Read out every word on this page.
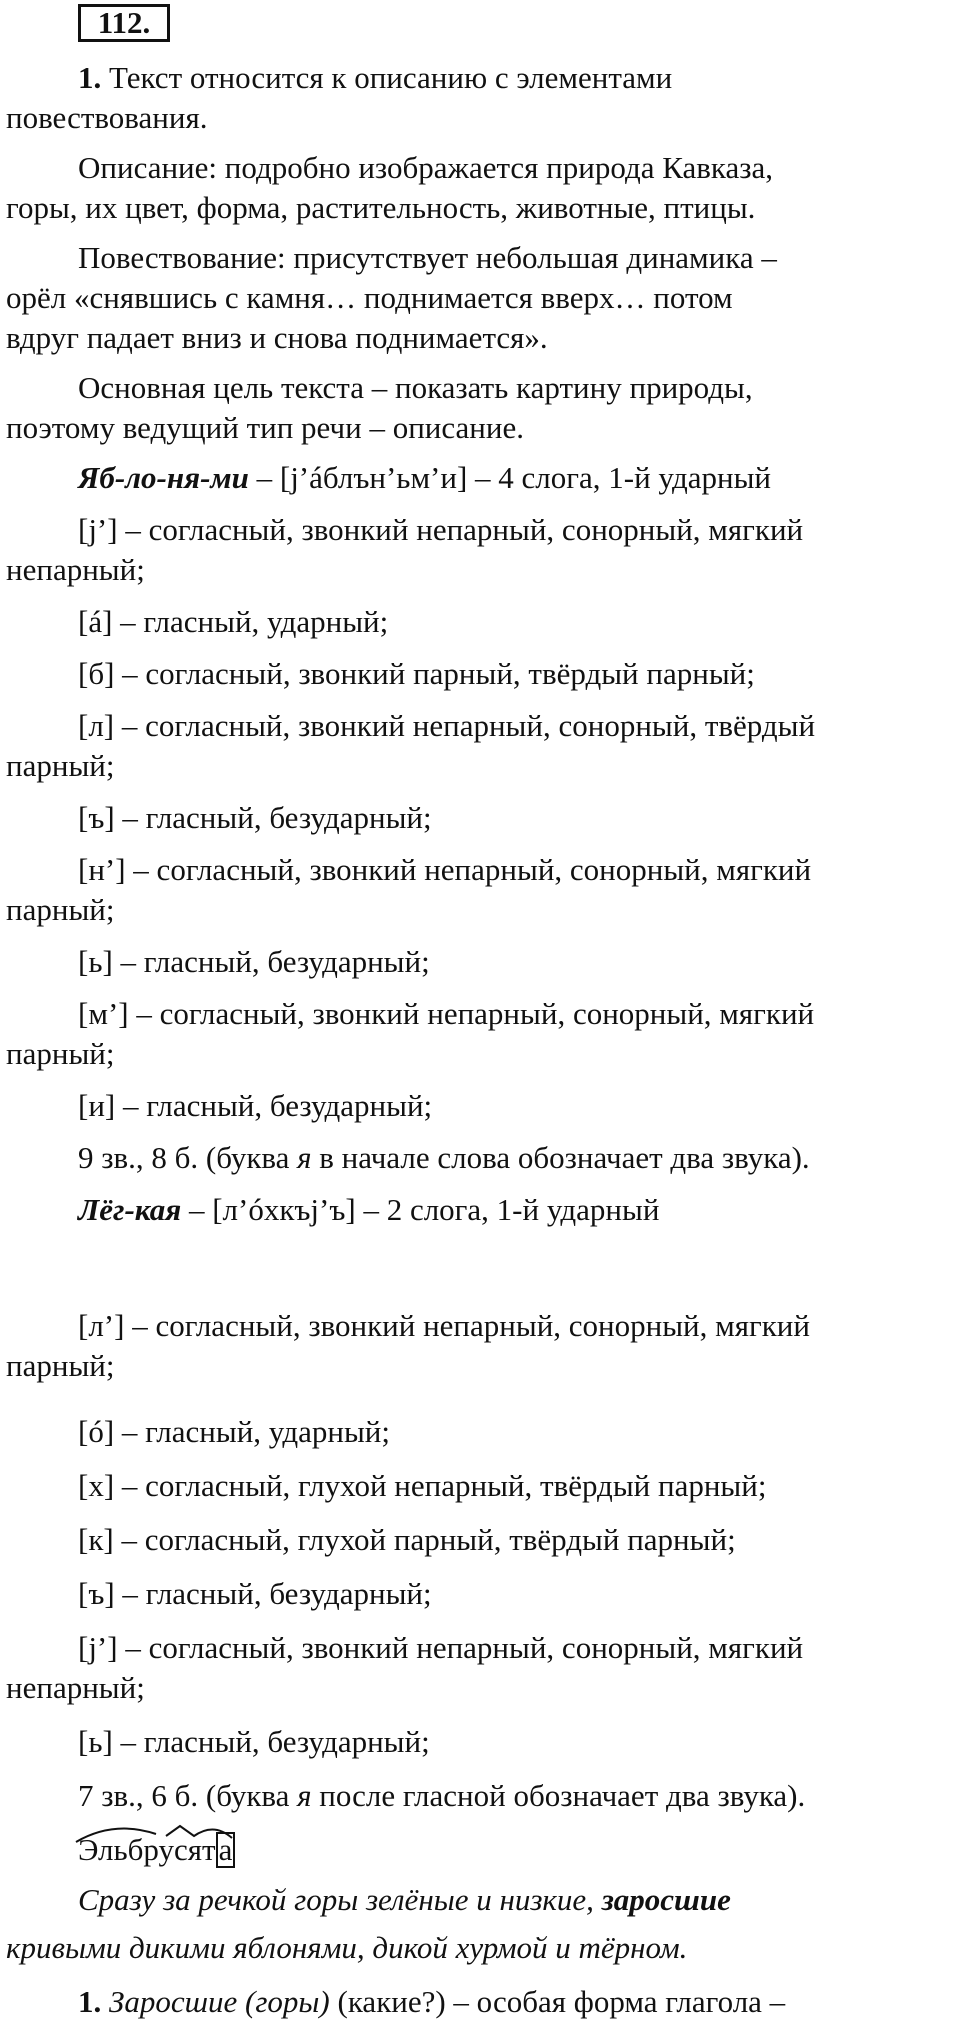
112.

1. Текст относится к описанию с элементами

повествования.

Описание: подробно изображается природа Кавказа,

горы, их цвет, форма, растительность, животные, птицы.

Повествование: присутствует небольшая динамика –

орёл «снявшись с камня… поднимается вверх… потом

вдруг падает вниз и снова поднимается».

Основная цель текста – показать картину природы,

поэтому ведущий тип речи – описание.

Яб-ло-ня-ми – [j’áблън’ьм’и] – 4 слога, 1-й ударный

[j’] – согласный, звонкий непарный, сонорный, мягкий

непарный;

[á] – гласный, ударный;

[б] – согласный, звонкий парный, твёрдый парный;

[л] – согласный, звонкий непарный, сонорный, твёрдый

парный;

[ъ] – гласный, безударный;

[н’] – согласный, звонкий непарный, сонорный, мягкий

парный;

[ь] – гласный, безударный;

[м’] – согласный, звонкий непарный, сонорный, мягкий

парный;

[и] – гласный, безударный;

9 зв., 8 б. (буква я в начале слова обозначает два звука).

Лёг-кая – [л’óхкъj’ъ] – 2 слога, 1-й ударный

[л’] – согласный, звонкий непарный, сонорный, мягкий

парный;

[ó] – гласный, ударный;

[х] – согласный, глухой непарный, твёрдый парный;

[к] – согласный, глухой парный, твёрдый парный;

[ъ] – гласный, безударный;

[j’] – согласный, звонкий непарный, сонорный, мягкий

непарный;

[ь] – гласный, безударный;

7 зв., 6 б. (буква я после гласной обозначает два звука).

Эльбрусята

Сразу за речкой горы зелёные и низкие, заросшие

кривыми дикими яблонями, дикой хурмой и тёрном.

1. Заросшие (горы) (какие?) – особая форма глагола –
